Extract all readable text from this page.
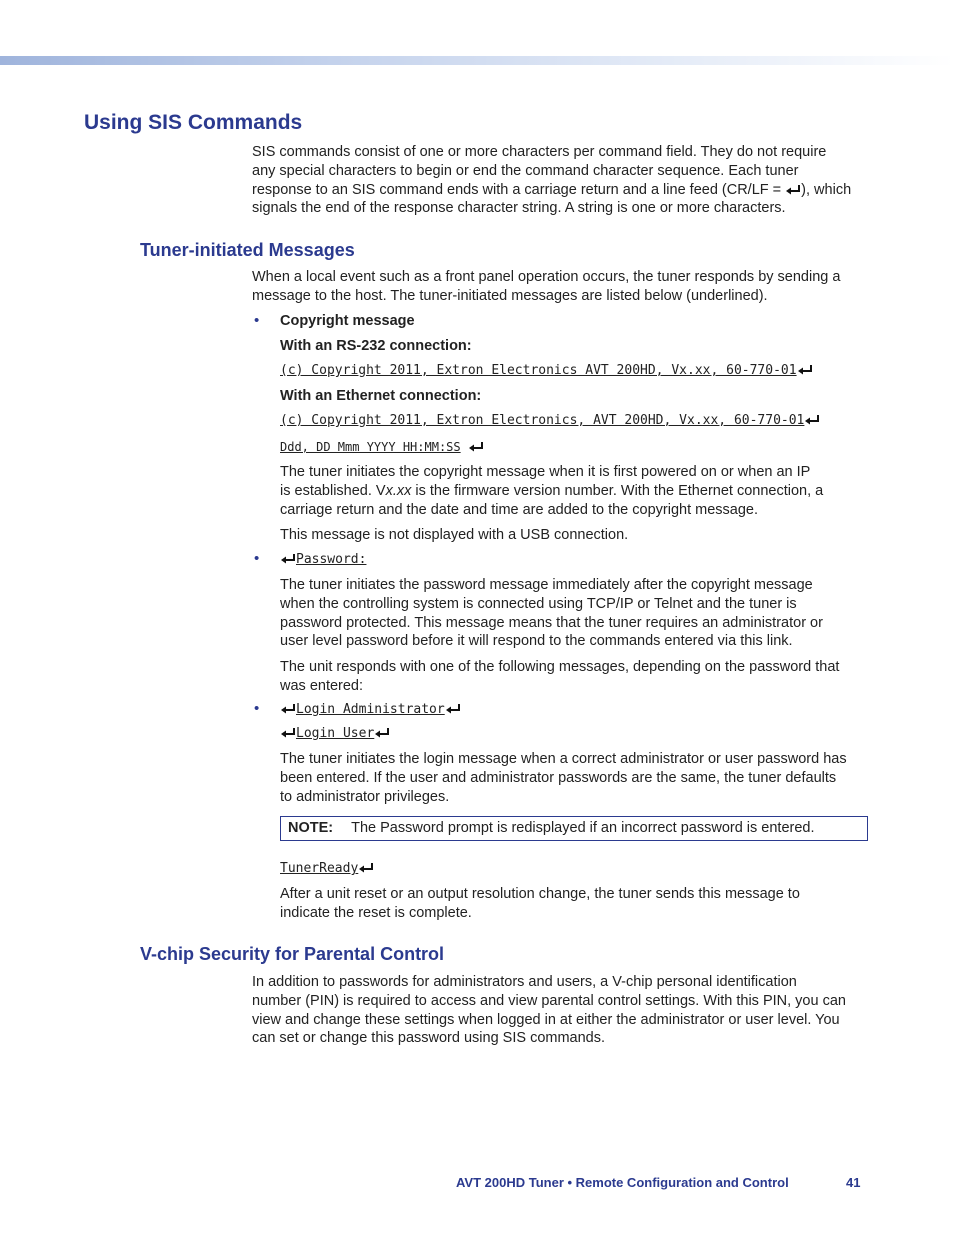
Using SIS Commands
SIS commands consist of one or more characters per command field. They do not require
any special characters to begin or end the command character sequence. Each tuner
response to an SIS command ends with a carriage return and a line feed (CR/LF = ), which
signals the end of the response character string. A string is one or more characters.
Tuner-initiated Messages
When a local event such as a front panel operation occurs, the tuner responds by sending a
message to the host. The tuner-initiated messages are listed below (underlined).
• Copyright message
With an RS-232 connection:
(c) Copyright 2011, Extron Electronics AVT 200HD, Vx.xx, 60-770-01
With an Ethernet connection:
(c) Copyright 2011, Extron Electronics, AVT 200HD, Vx.xx, 60-770-01
Ddd, DD Mmm YYYY HH:MM:SS
The tuner initiates the copyright message when it is first powered on or when an IP
is established. Vx.xx is the firmware version number. With the Ethernet connection, a
carriage return and the date and time are added to the copyright message.
This message is not displayed with a USB connection.
•	Password:
The tuner initiates the password message immediately after the copyright message
when the controlling system is connected using TCP/IP or Telnet and the tuner is
password protected. This message means that the tuner requires an administrator or
user level password before it will respond to the commands entered via this link.
The unit responds with one of the following messages, depending on the password that
was entered:
•	Login Administrator
Login User
The tuner initiates the login message when a correct administrator or user password has
been entered. If the user and administrator passwords are the same, the tuner defaults
to administrator privileges.
NOTE: The Password prompt is redisplayed if an incorrect password is entered.
TunerReady
After a unit reset or an output resolution change, the tuner sends this message to
indicate the reset is complete.
V-chip Security for Parental Control
In addition to passwords for administrators and users, a V-chip personal identification
number (PIN) is required to access and view parental control settings. With this PIN, you can
view and change these settings when logged in at either the administrator or user level. You
can set or change this password using SIS commands.
AVT 200HD Tuner • Remote Configuration and Control	41
